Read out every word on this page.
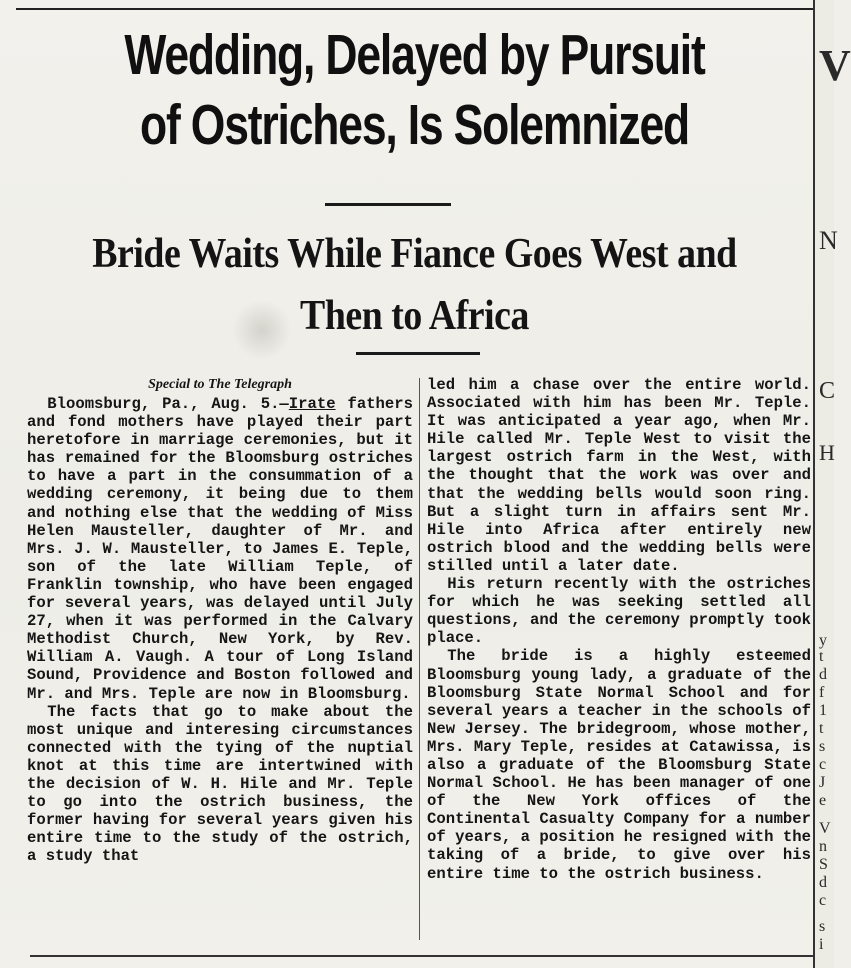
Wedding, Delayed by Pursuit
of Ostriches, Is Solemnized
Bride Waits While Fiance Goes West and
Then to Africa
Special to The Telegraph

Bloomsburg, Pa., Aug. 5.—Irate fathers and fond mothers have played their part heretofore in marriage ceremonies, but it has remained for the Bloomsburg ostriches to have a part in the consummation of a wedding ceremony, it being due to them and nothing else that the wedding of Miss Helen Mausteller, daughter of Mr. and Mrs. J. W. Mausteller, to James E. Teple, son of the late William Teple, of Franklin township, who have been engaged for several years, was delayed until July 27, when it was performed in the Calvary Methodist Church, New York, by Rev. William A. Vaugh. A tour of Long Island Sound, Providence and Boston followed and Mr. and Mrs. Teple are now in Bloomsburg.

The facts that go to make about the most unique and interesing circumstances connected with the tying of the nuptial knot at this time are intertwined with the decision of W. H. Hile and Mr. Teple to go into the ostrich business, the former having for several years given his entire time to the study of the ostrich, a study that

led him a chase over the entire world. Associated with him has been Mr. Teple. It was anticipated a year ago, when Mr. Hile called Mr. Teple West to visit the largest ostrich farm in the West, with the thought that the work was over and that the wedding bells would soon ring. But a slight turn in affairs sent Mr. Hile into Africa after entirely new ostrich blood and the wedding bells were stilled until a later date.

His return recently with the ostriches for which he was seeking settled all questions, and the ceremony promptly took place.

The bride is a highly esteemed Bloomsburg young lady, a graduate of the Bloomsburg State Normal School and for several years a teacher in the schools of New Jersey. The bridegroom, whose mother, Mrs. Mary Teple, resides at Catawissa, is also a graduate of the Bloomsburg State Normal School. He has been manager of one of the New York offices of the Continental Casualty Company for a number of years, a position he resigned with the taking of a bride, to give over his entire time to the ostrich business.

V
N
C
H
y
t
d
f
1
t
s
c
J
e
V
n
S
d
c
s
i
